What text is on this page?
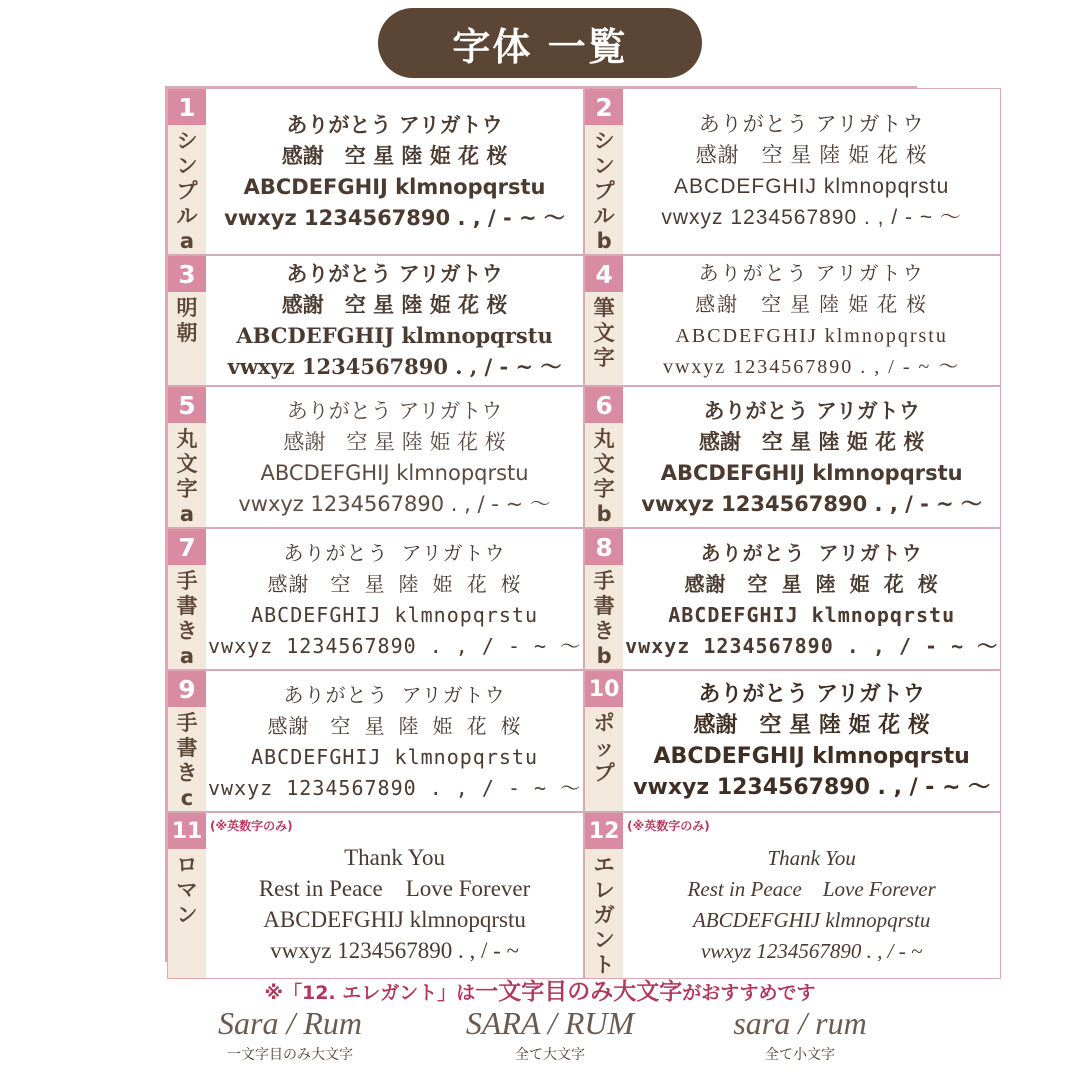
字体 一覧
1
シンプルa
ありがとう アリガトウ
感謝　空 星 陸 姫 花 桜
ABCDEFGHIJ klmnopqrstu
vwxyz 1234567890 . , / - ~ 〜
2
シンプルb
ありがとう アリガトウ
感謝　空 星 陸 姫 花 桜
ABCDEFGHIJ klmnopqrstu
vwxyz 1234567890 . , / - ~ 〜
3
明朝
ありがとう アリガトウ
感謝　空 星 陸 姫 花 桜
ABCDEFGHIJ klmnopqrstu
vwxyz 1234567890 . , / - ~ 〜
4
筆文字
ありがとう アリガトウ
感謝　空 星 陸 姫 花 桜
ABCDEFGHIJ klmnopqrstu
vwxyz 1234567890 . , / - ~ 〜
5
丸文字a
ありがとう アリガトウ
感謝　空 星 陸 姫 花 桜
ABCDEFGHIJ klmnopqrstu
vwxyz 1234567890 . , / - ~ 〜
6
丸文字b
ありがとう アリガトウ
感謝　空 星 陸 姫 花 桜
ABCDEFGHIJ klmnopqrstu
vwxyz 1234567890 . , / - ~ 〜
7
手書きa
ありがとう アリガトウ
感謝　空 星 陸 姫 花 桜
ABCDEFGHIJ klmnopqrstu
vwxyz 1234567890 . , / - ~ 〜
8
手書きb
ありがとう アリガトウ
感謝　空 星 陸 姫 花 桜
ABCDEFGHIJ klmnopqrstu
vwxyz 1234567890 . , / - ~ 〜
9
手書きc
ありがとう アリガトウ
感謝　空 星 陸 姫 花 桜
ABCDEFGHIJ klmnopqrstu
vwxyz 1234567890 . , / - ~ 〜
10
ポップ
ありがとう アリガトウ
感謝　空 星 陸 姫 花 桜
ABCDEFGHIJ klmnopqrstu
vwxyz 1234567890 . , / - ~ 〜
11
ロマン
(※英数字のみ)
Thank You
Rest in Peace　Love Forever
ABCDEFGHIJ klmnopqrstu
vwxyz 1234567890 . , / - ~
12
エレガント
(※英数字のみ)
Thank You
Rest in Peace　Love Forever
ABCDEFGHIJ klmnopqrstu
vwxyz 1234567890 . , / - ~
※「12. エレガント」は一文字目のみ大文字がおすすめです
Sara / Rum
一文字目のみ大文字
SARA / RUM
全て大文字
sara / rum
全て小文字
